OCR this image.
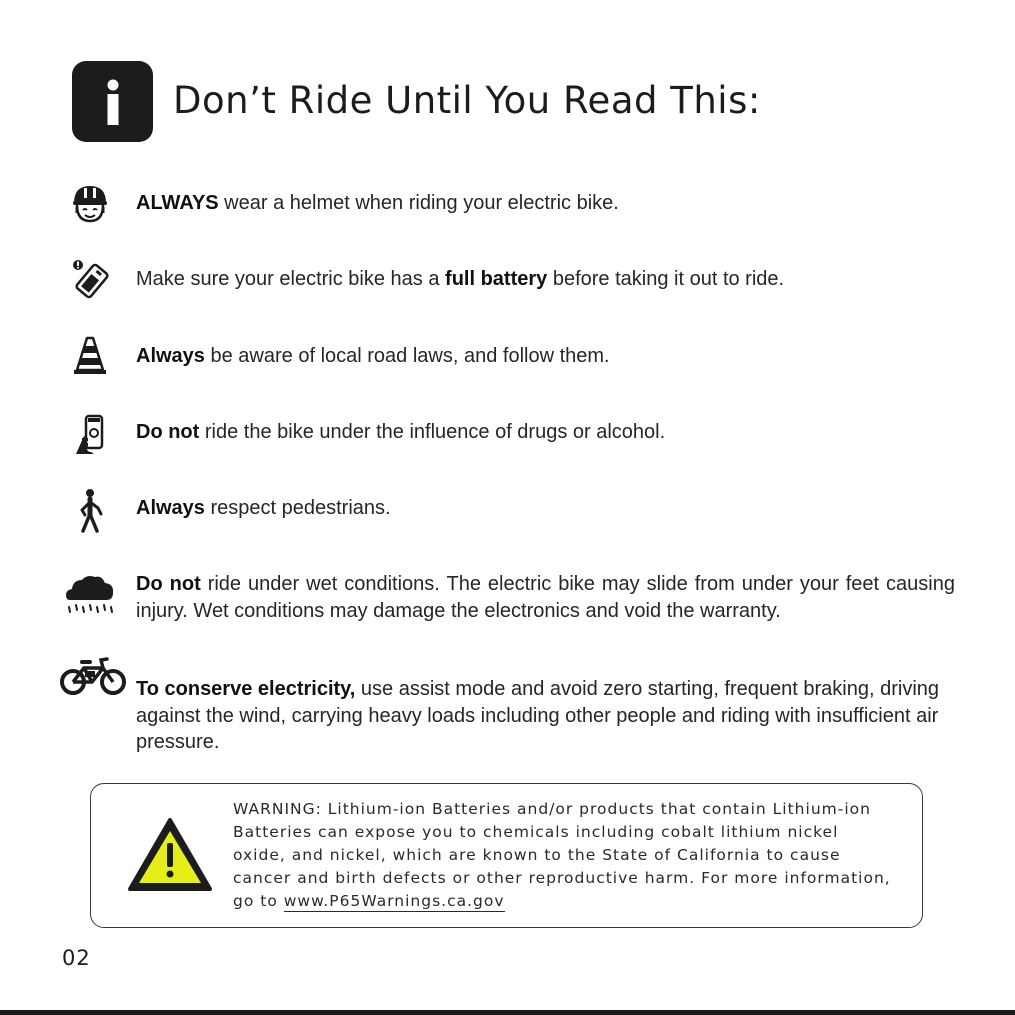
Don’t Ride Until You Read This:
ALWAYS wear a helmet when riding your electric bike.
Make sure your electric bike has a full battery before taking it out to ride.
Always be aware of local road laws, and follow them.
Do not ride the bike under the influence of drugs or alcohol.
Always respect pedestrians.
Do not ride under wet conditions. The electric bike may slide from under your feet causing injury. Wet conditions may damage the electronics and void the warranty.
To conserve electricity, use assist mode and avoid zero starting, frequent braking, driving against the wind, carrying heavy loads including other people and riding with insufficient air pressure.
WARNING: Lithium-ion Batteries and/or products that contain Lithium-ion Batteries can expose you to chemicals including cobalt lithium nickel oxide, and nickel, which are known to the State of California to cause cancer and birth defects or other reproductive harm. For more information, go to www.P65Warnings.ca.gov
02
